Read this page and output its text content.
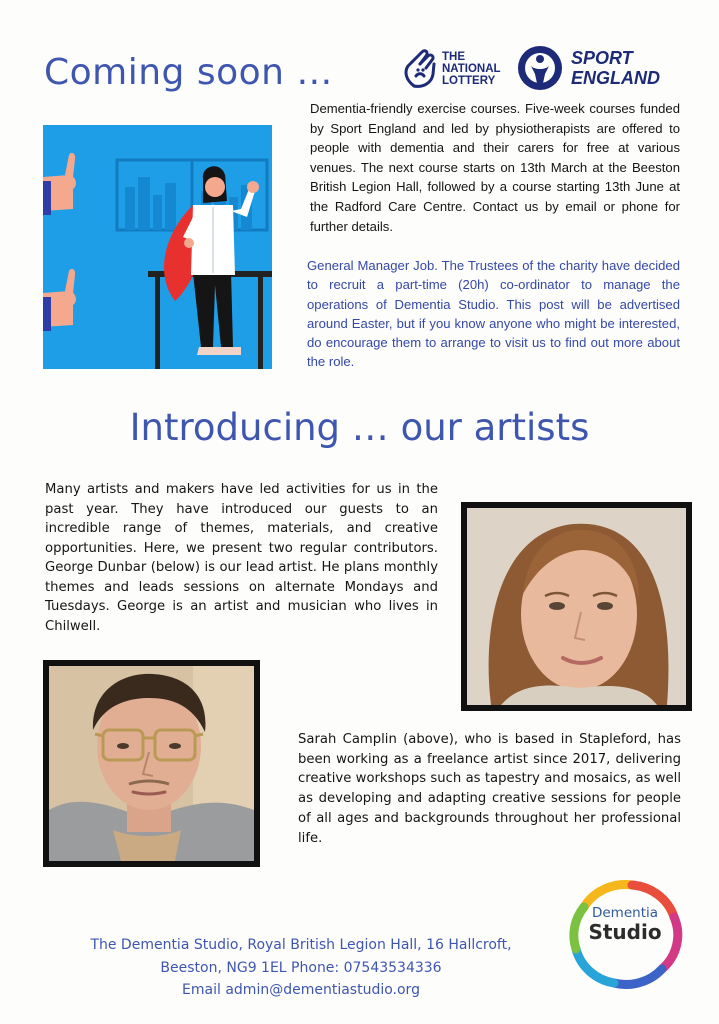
Coming soon …	THE
NATIONAL
LOTTERY
SPORT
ENGLAND
Dementia-friendly exercise courses. Five-week courses funded by Sport England and led by physiotherapists are offered to people with dementia and their carers for free at various venues. The next course starts on 13th March at the Beeston British Legion Hall, followed by a course starting 13th June at the Radford Care Centre. Contact us by email or phone for further details.
General Manager Job. The Trustees of the charity have decided to recruit a part-time (20h) co-ordinator to manage the operations of Dementia Studio. This post will be advertised around Easter, but if you know anyone who might be interested, do encourage them to arrange to visit us to find out more about the role.
Introducing … our artists
Many artists and makers have led activities for us in the past year. They have introduced our guests to an incredible range of themes, materials, and creative opportunities. Here, we present two regular contributors. George Dunbar (below) is our lead artist. He plans monthly themes and leads sessions on alternate Mondays and Tuesdays. George is an artist and musician who lives in Chilwell.
Sarah Camplin (above), who is based in Stapleford, has been working as a freelance artist since 2017, delivering creative workshops such as tapestry and mosaics, as well as developing and adapting creative sessions for people of all ages and backgrounds throughout her professional life.
The Dementia Studio, Royal British Legion Hall, 16 Hallcroft,
Beeston, NG9 1EL Phone: 07543534336
Email admin@dementiastudio.org
Dementia
Studio
